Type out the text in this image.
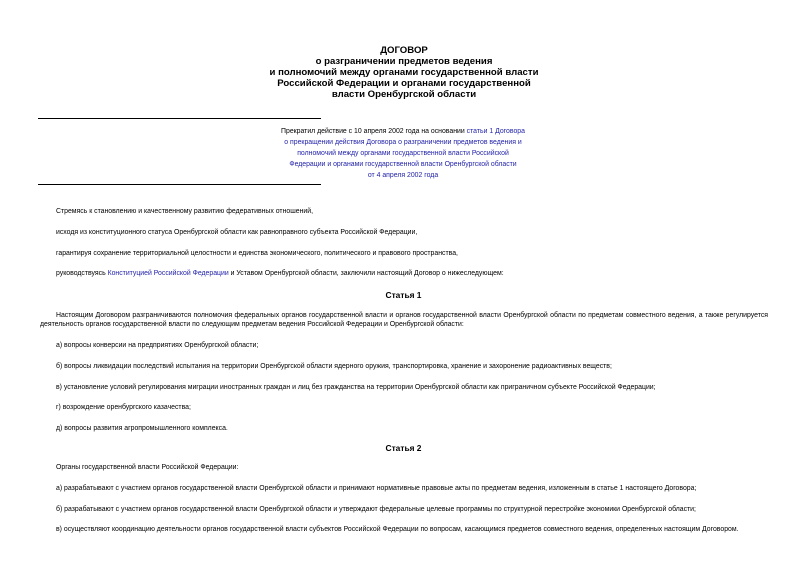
ДОГОВОР
о разграничении предметов ведения
и полномочий между органами государственной власти
Российской Федерации и органами государственной
власти Оренбургской области
Прекратил действие с 10 апреля 2002 года на основании статьи 1 Договора
о прекращении действия Договора о разграничении предметов ведения и
полномочий между органами государственной власти Российской
Федерации и органами государственной власти Оренбургской области
от 4 апреля 2002 года
Стремясь к становлению и качественному развитию федеративных отношений,
исходя из конституционного статуса Оренбургской области как равноправного субъекта Российской Федерации,
гарантируя сохранение территориальной целостности и единства экономического, политического и правового пространства,
руководствуясь Конституцией Российской Федерации и Уставом Оренбургской области, заключили настоящий Договор о нижеследующем:
Статья 1
Настоящим Договором разграничиваются полномочия федеральных органов государственной власти и органов государственной власти Оренбургской области по предметам совместного ведения, а также регулируется деятельность органов государственной власти по следующим предметам ведения Российской Федерации и Оренбургской области:
а) вопросы конверсии на предприятиях Оренбургской области;
б) вопросы ликвидации последствий испытания на территории Оренбургской области ядерного оружия, транспортировка, хранение и захоронение радиоактивных веществ;
в) установление условий регулирования миграции иностранных граждан и лиц без гражданства на территории Оренбургской области как приграничном субъекте Российской Федерации;
г) возрождение оренбургского казачества;
д) вопросы развития агропромышленного комплекса.
Статья 2
Органы государственной власти Российской Федерации:
а) разрабатывают с участием органов государственной власти Оренбургской области и принимают нормативные правовые акты по предметам ведения, изложенным в статье 1 настоящего Договора;
б) разрабатывают с участием органов государственной власти Оренбургской области и утверждают федеральные целевые программы по структурной перестройке экономики Оренбургской области;
в) осуществляют координацию деятельности органов государственной власти субъектов Российской Федерации по вопросам, касающимся предметов совместного ведения, определенных настоящим Договором.
